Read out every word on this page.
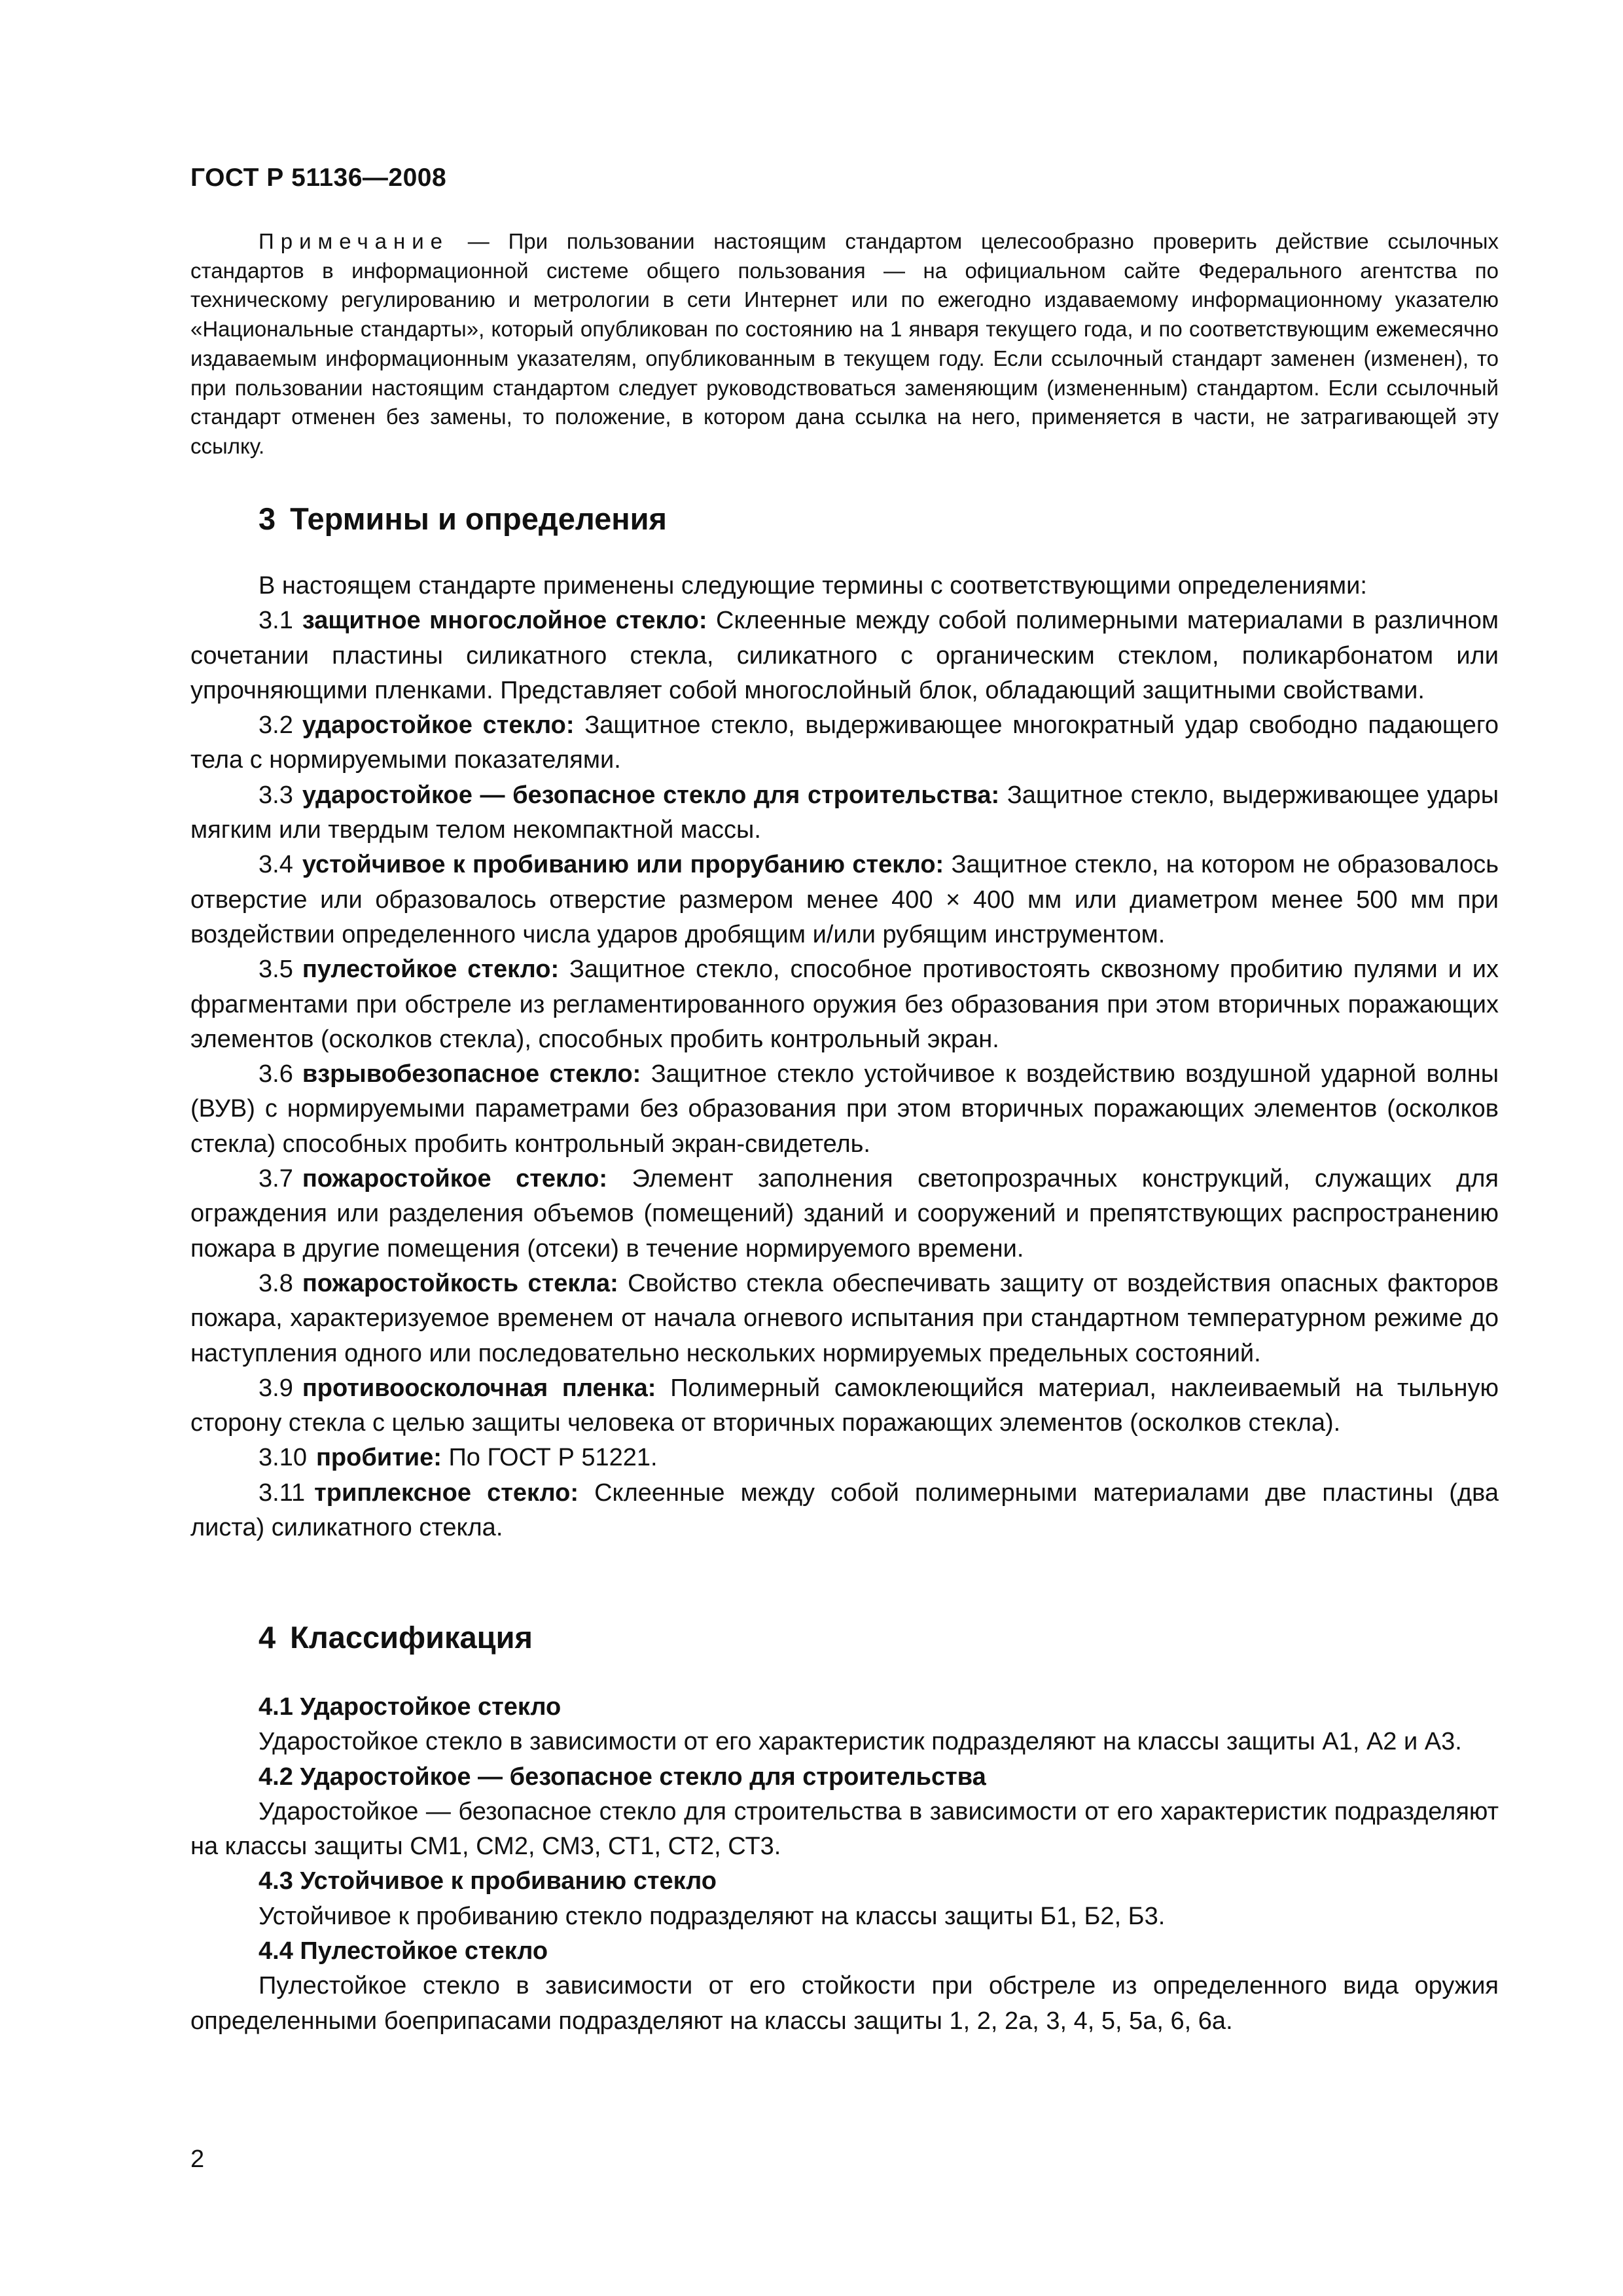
ГОСТ Р 51136—2008
Примечание — При пользовании настоящим стандартом целесообразно проверить действие ссылочных стандартов в информационной системе общего пользования — на официальном сайте Федерального агентства по техническому регулированию и метрологии в сети Интернет или по ежегодно издаваемому информационному указателю «Национальные стандарты», который опубликован по состоянию на 1 января текущего года, и по соответствующим ежемесячно издаваемым информационным указателям, опубликованным в текущем году. Если ссылочный стандарт заменен (изменен), то при пользовании настоящим стандартом следует руководствоваться заменяющим (измененным) стандартом. Если ссылочный стандарт отменен без замены, то положение, в котором дана ссылка на него, применяется в части, не затрагивающей эту ссылку.
3 Термины и определения

В настоящем стандарте применены следующие термины с соответствующими определениями:

3.1 защитное многослойное стекло: Склеенные между собой полимерными материалами в различном сочетании пластины силикатного стекла, силикатного с органическим стеклом, поликарбонатом или упрочняющими пленками. Представляет собой многослойный блок, обладающий защитными свойствами.

3.2 ударостойкое стекло: Защитное стекло, выдерживающее многократный удар свободно падающего тела с нормируемыми показателями.

3.3 ударостойкое — безопасное стекло для строительства: Защитное стекло, выдерживающее удары мягким или твердым телом некомпактной массы.

3.4 устойчивое к пробиванию или прорубанию стекло: Защитное стекло, на котором не образовалось отверстие или образовалось отверстие размером менее 400 × 400 мм или диаметром менее 500 мм при воздействии определенного числа ударов дробящим и/или рубящим инструментом.

3.5 пулестойкое стекло: Защитное стекло, способное противостоять сквозному пробитию пулями и их фрагментами при обстреле из регламентированного оружия без образования при этом вторичных поражающих элементов (осколков стекла), способных пробить контрольный экран.

3.6 взрывобезопасное стекло: Защитное стекло устойчивое к воздействию воздушной ударной волны (ВУВ) с нормируемыми параметрами без образования при этом вторичных поражающих элементов (осколков стекла) способных пробить контрольный экран-свидетель.

3.7 пожаростойкое стекло: Элемент заполнения светопрозрачных конструкций, служащих для ограждения или разделения объемов (помещений) зданий и сооружений и препятствующих распространению пожара в другие помещения (отсеки) в течение нормируемого времени.

3.8 пожаростойкость стекла: Свойство стекла обеспечивать защиту от воздействия опасных факторов пожара, характеризуемое временем от начала огневого испытания при стандартном температурном режиме до наступления одного или последовательно нескольких нормируемых предельных состояний.

3.9 противоосколочная пленка: Полимерный самоклеющийся материал, наклеиваемый на тыльную сторону стекла с целью защиты человека от вторичных поражающих элементов (осколков стекла).

3.10 пробитие: По ГОСТ Р 51221.

3.11 триплексное стекло: Склеенные между собой полимерными материалами две пластины (два листа) силикатного стекла.

4 Классификация

4.1 Ударостойкое стекло

Ударостойкое стекло в зависимости от его характеристик подразделяют на классы защиты А1, А2 и А3.

4.2 Ударостойкое — безопасное стекло для строительства

Ударостойкое — безопасное стекло для строительства в зависимости от его характеристик подразделяют на классы защиты СМ1, СМ2, СМ3, СТ1, СТ2, СТ3.

4.3 Устойчивое к пробиванию стекло

Устойчивое к пробиванию стекло подразделяют на классы защиты Б1, Б2, Б3.

4.4 Пулестойкое стекло

Пулестойкое стекло в зависимости от его стойкости при обстреле из определенного вида оружия определенными боеприпасами подразделяют на классы защиты 1, 2, 2а, 3, 4, 5, 5а, 6, 6а.

2
